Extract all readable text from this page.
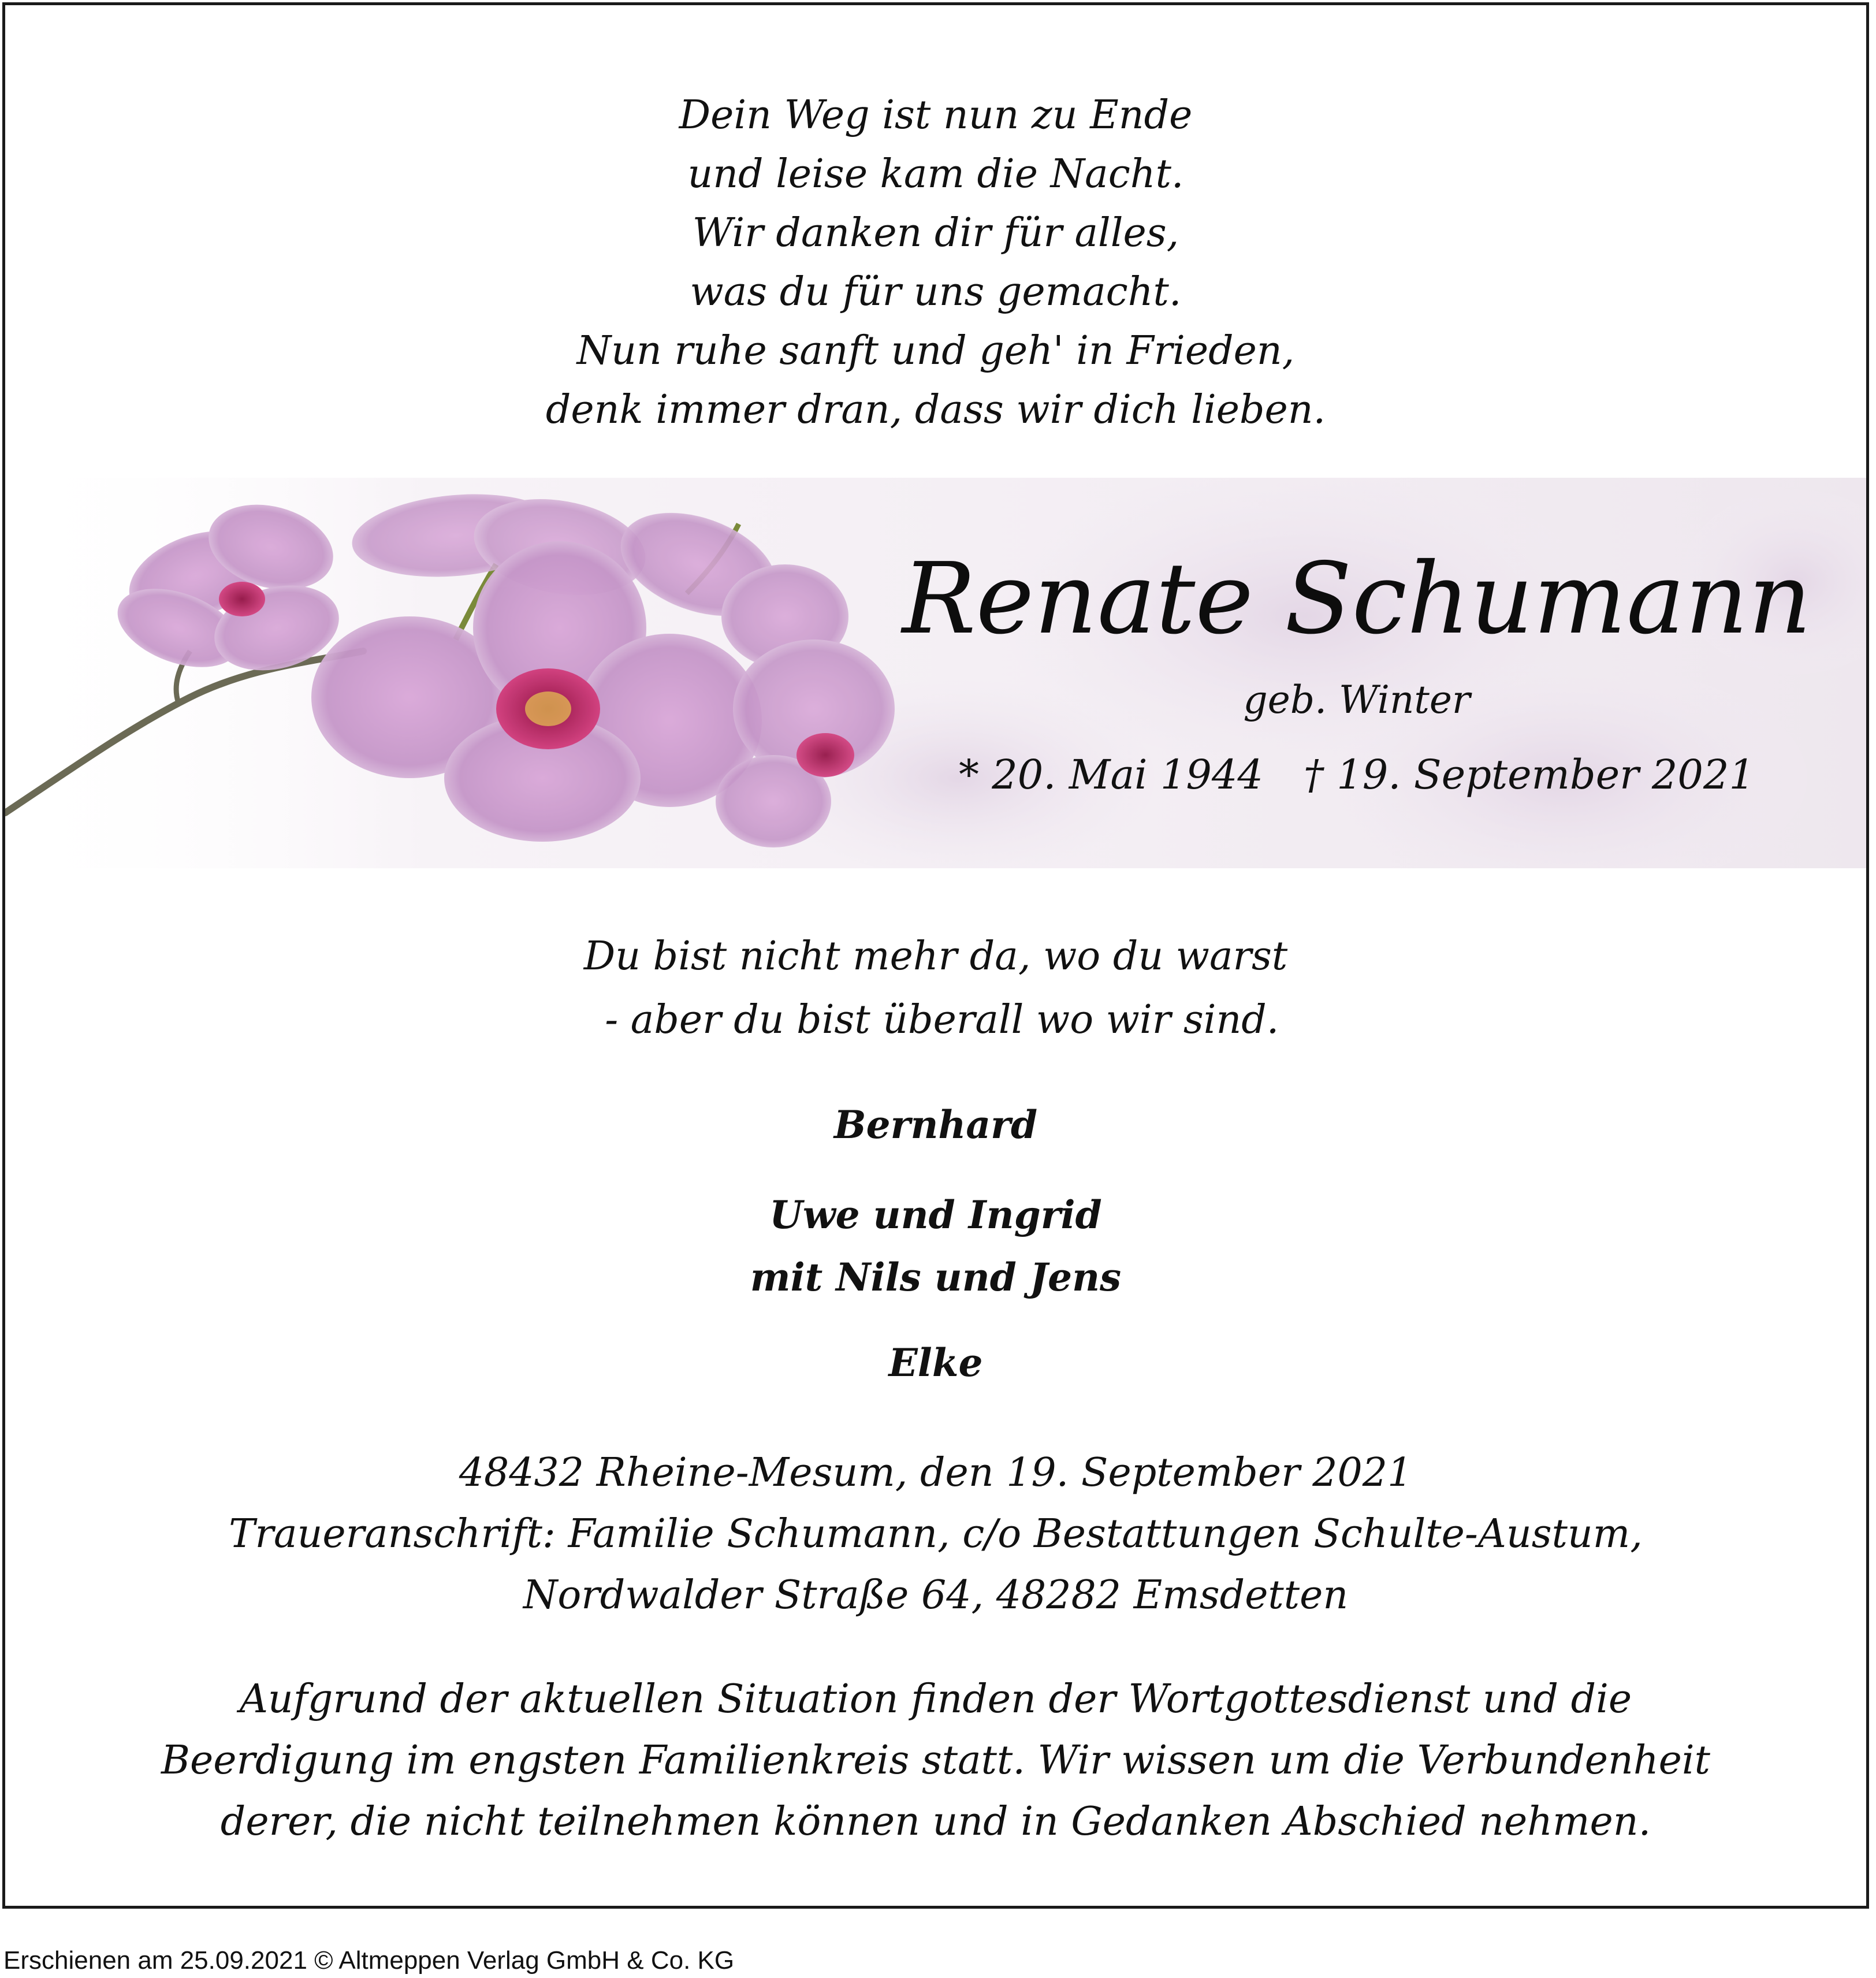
Dein Weg ist nun zu Ende
und leise kam die Nacht.
Wir danken dir für alles,
was du für uns gemacht.
Nun ruhe sanft und geh' in Frieden,
denk immer dran, dass wir dich lieben.
Renate Schumann
geb. Winter
* 20. Mai 1944 † 19. September 2021
Du bist nicht mehr da, wo du warst
- aber du bist überall wo wir sind.
Bernhard
Uwe und Ingrid
mit Nils und Jens
Elke
48432 Rheine-Mesum, den 19. September 2021
Traueranschrift: Familie Schumann, c/o Bestattungen Schulte-Austum,
Nordwalder Straße 64, 48282 Emsdetten
Aufgrund der aktuellen Situation finden der Wortgottesdienst und die
Beerdigung im engsten Familienkreis statt. Wir wissen um die Verbundenheit
derer, die nicht teilnehmen können und in Gedanken Abschied nehmen.
Erschienen am 25.09.2021 © Altmeppen Verlag GmbH & Co. KG
